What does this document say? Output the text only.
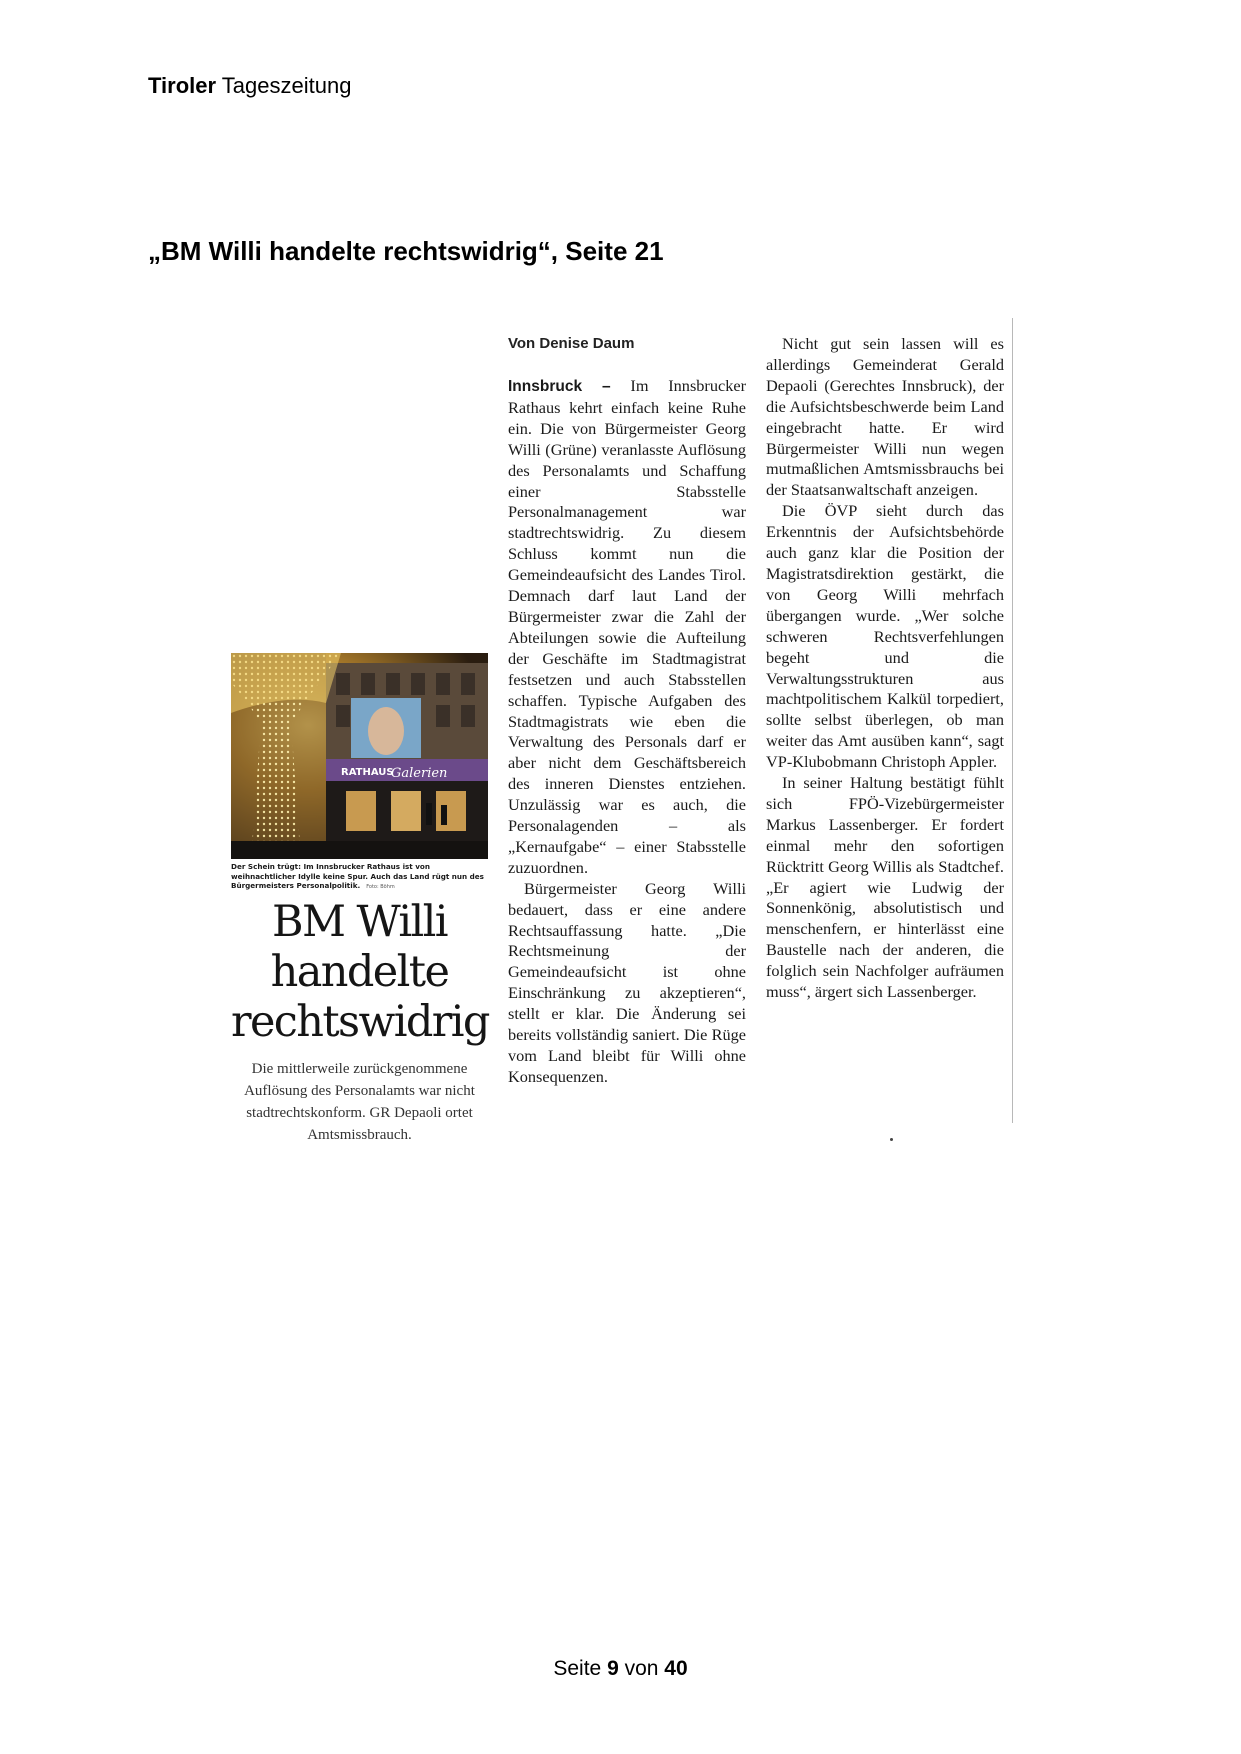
Tiroler Tageszeitung
„BM Willi handelte rechtswidrig“, Seite 21
RATHAUS
Galerien
Der Schein trügt: Im Innsbrucker Rathaus ist von weihnachtlicher Idylle keine Spur. Auch das Land rügt nun des Bürgermeisters Personalpolitik. Foto: Böhm
BM Willi
handelte
rechtswidrig
Die mittlerweile zurückgenommene Auflösung des Personalamts war nicht stadtrechtskonform. GR Depaoli ortet Amtsmissbrauch.
Von Denise Daum

Innsbruck – Im Innsbrucker Rathaus kehrt einfach keine Ruhe ein. Die von Bürgermeister Georg Willi (Grüne) veranlasste Auflösung des Personalamts und Schaffung einer Stabsstelle Personalmanagement war stadtrechtswidrig. Zu diesem Schluss kommt nun die Gemeindeaufsicht des Landes Tirol. Demnach darf laut Land der Bürgermeister zwar die Zahl der Abteilungen sowie die Aufteilung der Geschäfte im Stadtmagistrat festsetzen und auch Stabsstellen schaffen. Typische Aufgaben des Stadtmagistrats wie eben die Verwaltung des Personals darf er aber nicht dem Geschäftsbereich des inneren Dienstes entziehen. Unzulässig war es auch, die Personalagenden – als „Kernaufgabe“ – einer Stabsstelle zuzuordnen.

Bürgermeister Georg Willi bedauert, dass er eine andere Rechtsauffassung hatte. „Die Rechtsmeinung der Gemeindeaufsicht ist ohne Einschränkung zu akzeptieren“, stellt er klar. Die Änderung sei bereits vollständig saniert. Die Rüge vom Land bleibt für Willi ohne Konsequenzen.

Nicht gut sein lassen will es allerdings Gemeinderat Gerald Depaoli (Gerechtes Innsbruck), der die Aufsichtsbeschwerde beim Land eingebracht hatte. Er wird Bürgermeister Willi nun wegen mutmaßlichen Amtsmissbrauchs bei der Staatsanwaltschaft anzeigen.

Die ÖVP sieht durch das Erkenntnis der Aufsichtsbehörde auch ganz klar die Position der Magistratsdirektion gestärkt, die von Georg Willi mehrfach übergangen wurde. „Wer solche schweren Rechtsverfehlungen begeht und die Verwaltungsstrukturen aus machtpolitischem Kalkül torpediert, sollte selbst überlegen, ob man weiter das Amt ausüben kann“, sagt VP-Klubobmann Christoph Appler.

In seiner Haltung bestätigt fühlt sich FPÖ-Vizebürgermeister Markus Lassenberger. Er fordert einmal mehr den sofortigen Rücktritt Georg Willis als Stadtchef. „Er agiert wie Ludwig der Sonnenkönig, absolutistisch und menschenfern, er hinterlässt eine Baustelle nach der anderen, die folglich sein Nachfolger aufräumen muss“, ärgert sich Lassenberger.

Seite 9 von 40
